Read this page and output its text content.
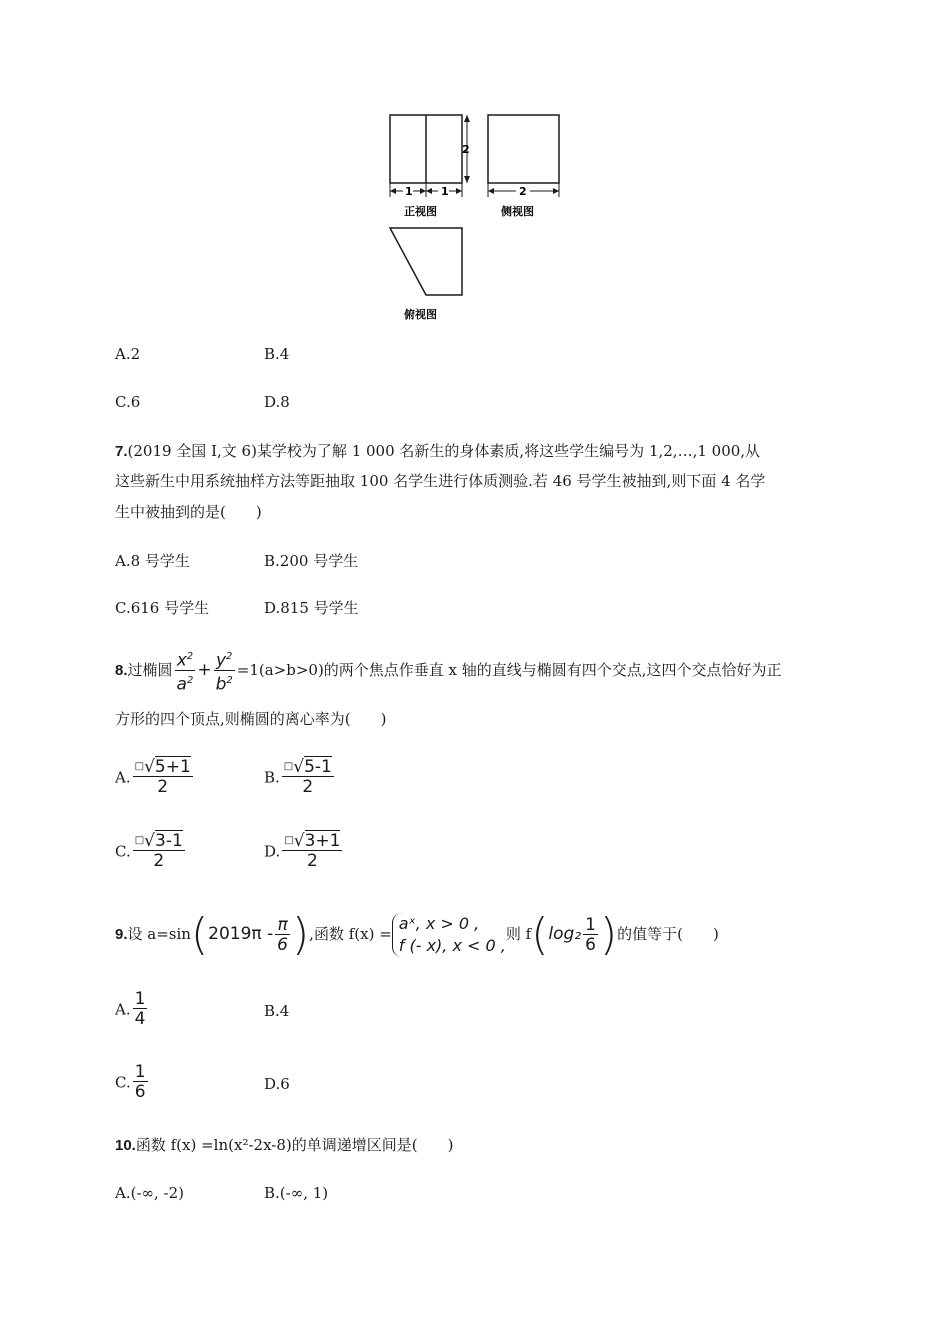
2
1	1
正视图
2
侧视图
俯视图
A.2	B.4
C.6	D.8
7.(2019 全国 Ⅰ,文 6)某学校为了解 1 000 名新生的身体素质,将这些学生编号为 1,2,…,1 000,从
这些新生中用系统抽样方法等距抽取 100 名学生进行体质测验.若 46 号学生被抽到,则下面 4 名学
生中被抽到的是(　　)
A.8 号学生	B.200 号学生
C.616 号学生	D.815 号学生
8.过椭圆 $\frac{x^2}{a^2} + \frac{y^2}{b^2} =1(a>b>0)$的两个焦点作垂直 x 轴的直线与椭圆有四个交点,这四个交点恰好为正
方形的四个顶点,则椭圆的离心率为(　　)
A. $\frac{^□√5+1}{2}$	B. $\frac{^□√5-1}{2}$
C. $\frac{^□√3-1}{2}$	D. $\frac{^□√3+1}{2}$
9.设 $a=\sin(2019\pi - \frac{\pi}{6}$ ),函数 f(x) =
aˣ, x > 0 ,
f (- x), x < 0 ,
则 $f(\log_2 \frac{1}{6}$ )的值等于(　　)
A. $\frac{1}{4}$	B.4
C. $\frac{1}{6}$	D.6
10.函数 f(x) =ln(x²-2x-8)的单调递增区间是(　　)
A.(-∞, -2)	B.(-∞, 1)
